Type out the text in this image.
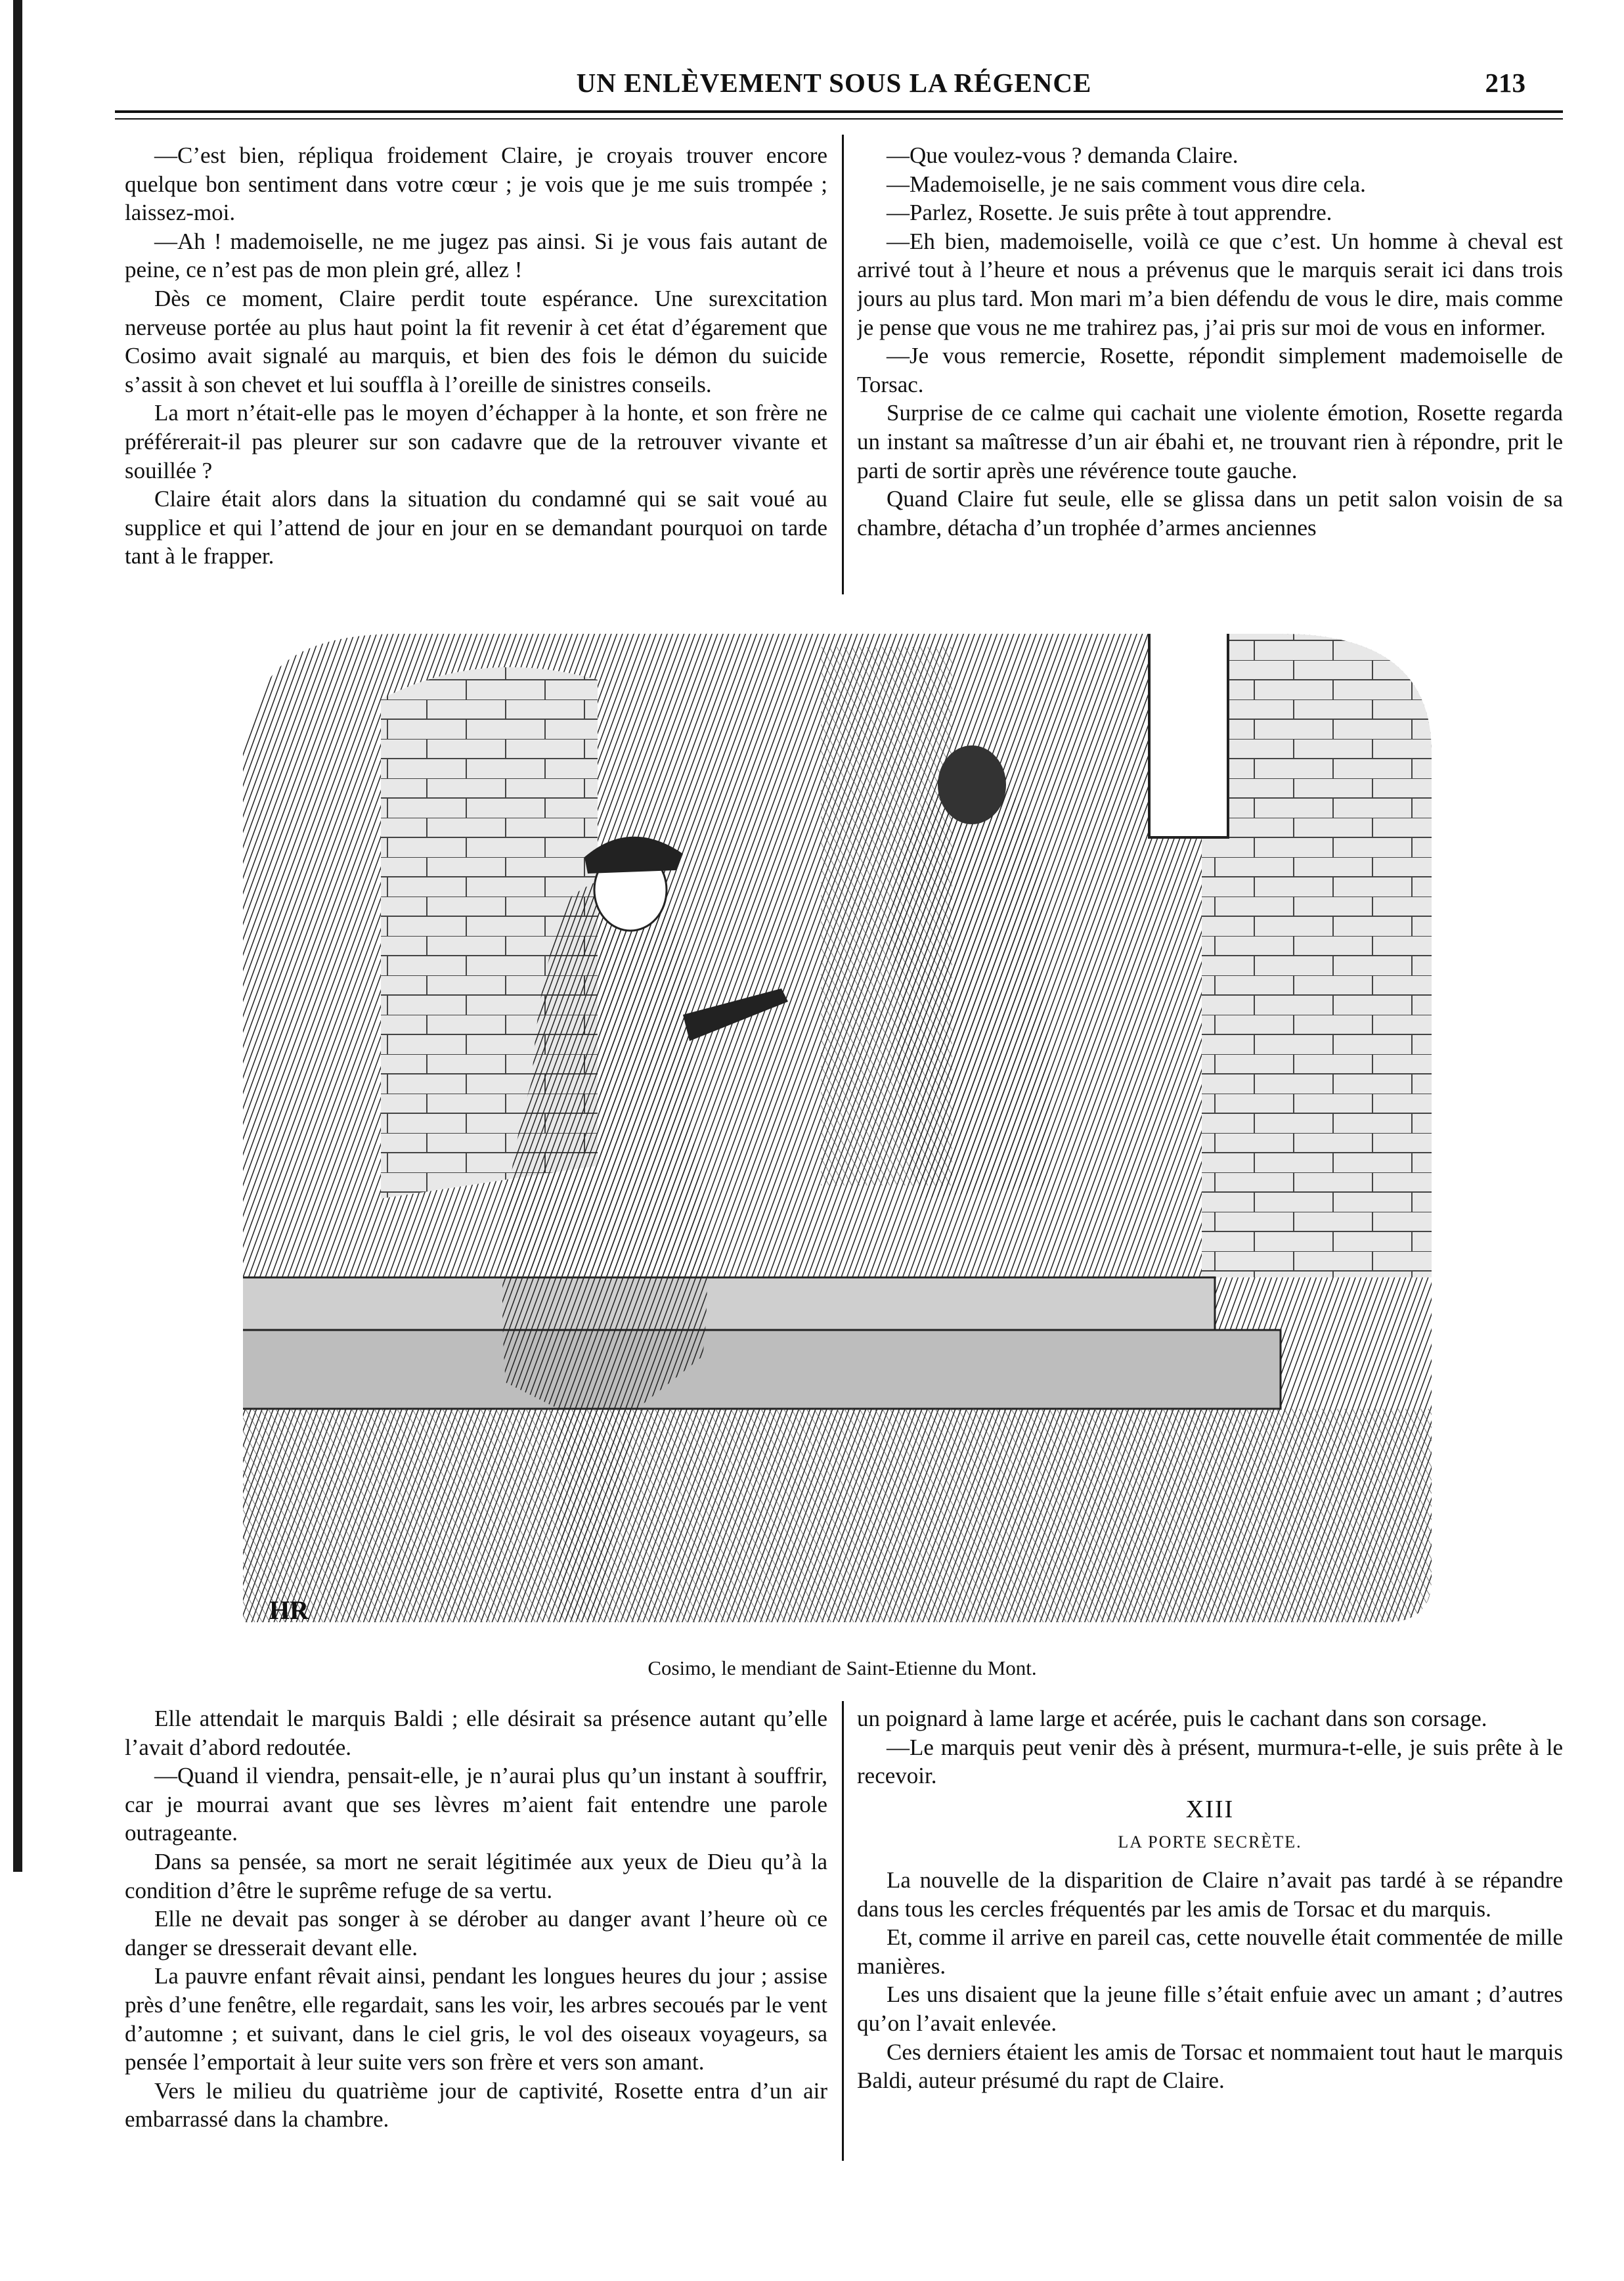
UN ENLÈVEMENT SOUS LA RÉGENCE	213

—C’est bien, répliqua froidement Claire, je croyais trouver encore quelque bon sentiment dans votre cœur ; je vois que je me suis trompée ; laissez-moi.

—Ah ! mademoiselle, ne me jugez pas ainsi. Si je vous fais autant de peine, ce n’est pas de mon plein gré, allez !

Dès ce moment, Claire perdit toute espérance. Une surexcitation nerveuse portée au plus haut point la fit revenir à cet état d’égarement que Cosimo avait signalé au marquis, et bien des fois le démon du suicide s’assit à son chevet et lui souffla à l’oreille de sinistres conseils.

La mort n’était-elle pas le moyen d’échapper à la honte, et son frère ne préférerait-il pas pleurer sur son cadavre que de la retrouver vivante et souillée ?

Claire était alors dans la situation du condamné qui se sait voué au supplice et qui l’attend de jour en jour en se demandant pourquoi on tarde tant à le frapper.

—Que voulez-vous ? demanda Claire.

—Mademoiselle, je ne sais comment vous dire cela.

—Parlez, Rosette. Je suis prête à tout apprendre.

—Eh bien, mademoiselle, voilà ce que c’est. Un homme à cheval est arrivé tout à l’heure et nous a prévenus que le marquis serait ici dans trois jours au plus tard. Mon mari m’a bien défendu de vous le dire, mais comme je pense que vous ne me trahirez pas, j’ai pris sur moi de vous en informer.

—Je vous remercie, Rosette, répondit simplement mademoiselle de Torsac.

Surprise de ce calme qui cachait une violente émotion, Rosette regarda un instant sa maîtresse d’un air ébahi et, ne trouvant rien à répondre, prit le parti de sortir après une révérence toute gauche.

Quand Claire fut seule, elle se glissa dans un petit salon voisin de sa chambre, détacha d’un trophée d’armes anciennes

HR
Cosimo, le mendiant de Saint-Etienne du Mont.

Elle attendait le marquis Baldi ; elle désirait sa présence autant qu’elle l’avait d’abord redoutée.

—Quand il viendra, pensait-elle, je n’aurai plus qu’un instant à souffrir, car je mourrai avant que ses lèvres m’aient fait entendre une parole outrageante.

Dans sa pensée, sa mort ne serait légitimée aux yeux de Dieu qu’à la condition d’être le suprême refuge de sa vertu.

Elle ne devait pas songer à se dérober au danger avant l’heure où ce danger se dresserait devant elle.

La pauvre enfant rêvait ainsi, pendant les longues heures du jour ; assise près d’une fenêtre, elle regardait, sans les voir, les arbres secoués par le vent d’automne ; et suivant, dans le ciel gris, le vol des oiseaux voyageurs, sa pensée l’emportait à leur suite vers son frère et vers son amant.

Vers le milieu du quatrième jour de captivité, Rosette entra d’un air embarrassé dans la chambre.

un poignard à lame large et acérée, puis le cachant dans son corsage.

—Le marquis peut venir dès à présent, murmura-t-elle, je suis prête à le recevoir.

XIII

LA PORTE SECRÈTE.

La nouvelle de la disparition de Claire n’avait pas tardé à se répandre dans tous les cercles fréquentés par les amis de Torsac et du marquis.

Et, comme il arrive en pareil cas, cette nouvelle était commentée de mille manières.

Les uns disaient que la jeune fille s’était enfuie avec un amant ; d’autres qu’on l’avait enlevée.

Ces derniers étaient les amis de Torsac et nommaient tout haut le marquis Baldi, auteur présumé du rapt de Claire.
